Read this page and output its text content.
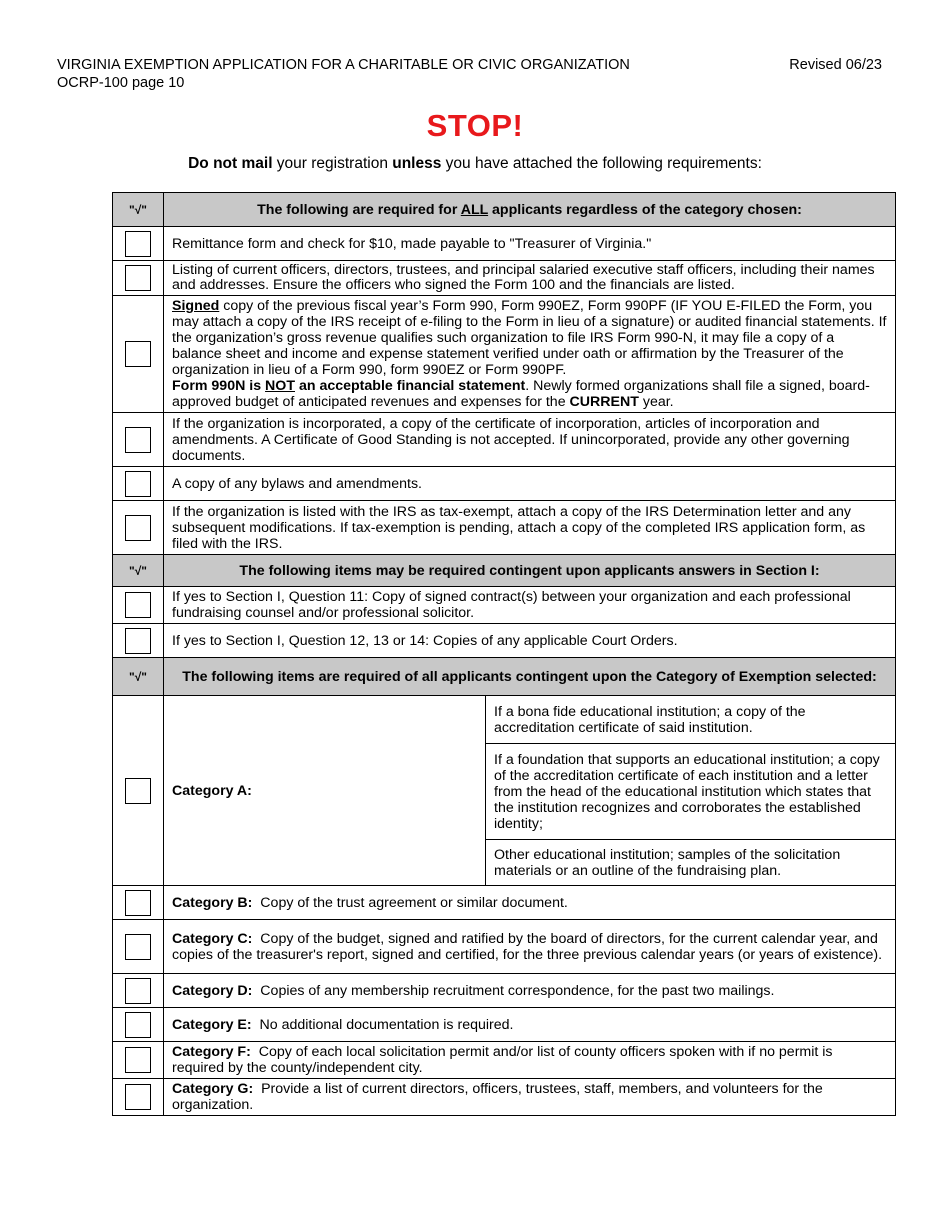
VIRGINIA EXEMPTION APPLICATION FOR A CHARITABLE OR CIVIC ORGANIZATION
OCRP-100 page 10
Revised 06/23
STOP!
Do not mail your registration unless you have attached the following requirements:
"√"	The following are required for ALL applicants regardless of the category chosen:	
	Remittance form and check for $10, made payable to "Treasurer of Virginia."	
	Listing of current officers, directors, trustees, and principal salaried executive staff officers, including their names and addresses. Ensure the officers who signed the Form 100 and the financials are listed.	
	Signed copy of the previous fiscal year’s Form 990, Form 990EZ, Form 990PF (IF YOU E-FILED the Form, you may attach a copy of the IRS receipt of e-filing to the Form in lieu of a signature) or audited financial statements. If the organization’s gross revenue qualifies such organization to file IRS Form 990-N, it may file a copy of a balance sheet and income and expense statement verified under oath or affirmation by the Treasurer of the organization in lieu of a Form 990, form 990EZ or Form 990PF.
Form 990N is NOT an acceptable financial statement. Newly formed organizations shall file a signed, board-approved budget of anticipated revenues and expenses for the CURRENT year.	
	If the organization is incorporated, a copy of the certificate of incorporation, articles of incorporation and amendments. A Certificate of Good Standing is not accepted. If unincorporated, provide any other governing documents.	
	A copy of any bylaws and amendments.	
	If the organization is listed with the IRS as tax-exempt, attach a copy of the IRS Determination letter and any subsequent modifications. If tax-exemption is pending, attach a copy of the completed IRS application form, as filed with the IRS.	
"√"	The following items may be required contingent upon applicants answers in Section I:	
	If yes to Section I, Question 11: Copy of signed contract(s) between your organization and each professional fundraising counsel and/or professional solicitor.	
	If yes to Section I, Question 12, 13 or 14: Copies of any applicable Court Orders.	
"√"	The following items are required of all applicants contingent upon the Category of Exemption selected:	
	Category A:	If a bona fide educational institution; a copy of the accreditation certificate of said institution.
		If a foundation that supports an educational institution; a copy of the accreditation certificate of each institution and a letter from the head of the educational institution which states that the institution recognizes and corroborates the established identity;
		Other educational institution; samples of the solicitation materials or an outline of the fundraising plan.
	Category B:  Copy of the trust agreement or similar document.	
	Category C:  Copy of the budget, signed and ratified by the board of directors, for the current calendar year, and copies of the treasurer's report, signed and certified, for the three previous calendar years (or years of existence).	
	Category D:  Copies of any membership recruitment correspondence, for the past two mailings.	
	Category E:  No additional documentation is required.	
	Category F:  Copy of each local solicitation permit and/or list of county officers spoken with if no permit is required by the county/independent city.	
	Category G:  Provide a list of current directors, officers, trustees, staff, members, and volunteers for the organization.	
